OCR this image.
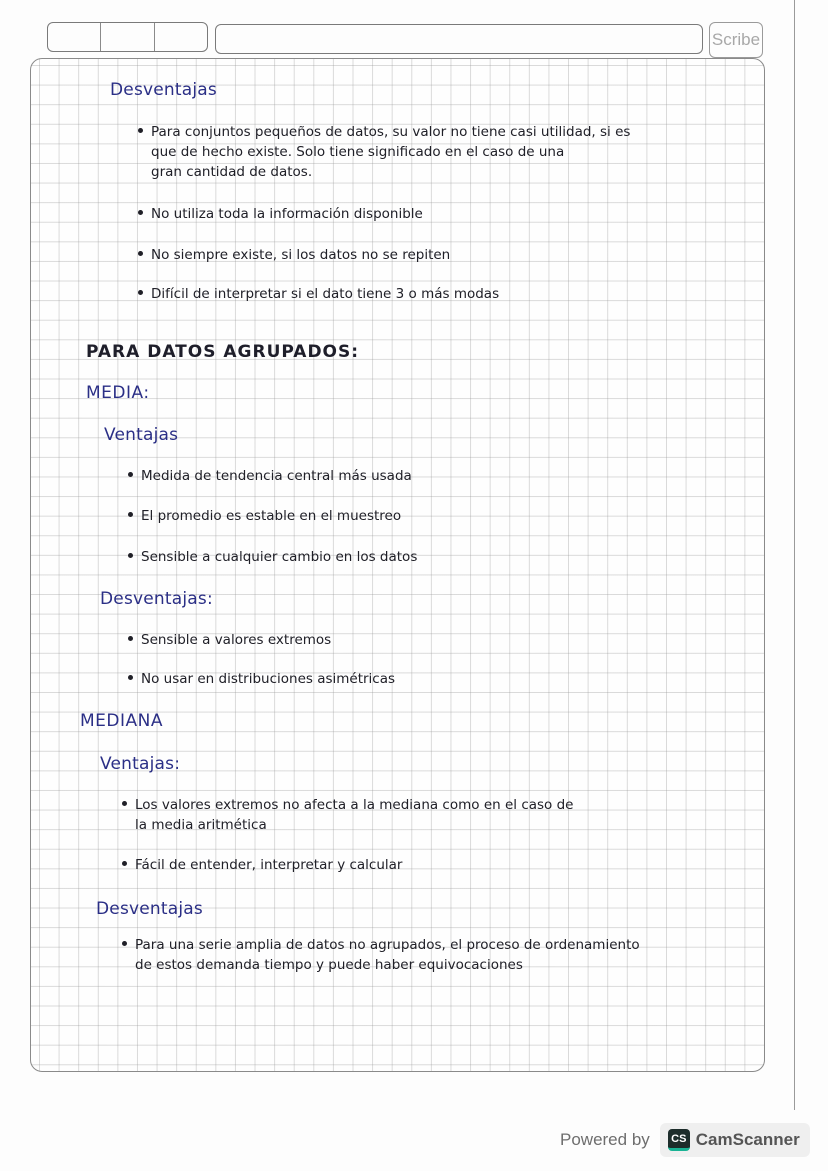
Scribe
Desventajas
Para conjuntos pequeños de datos, su valor no tiene casi utilidad, si es
que de hecho existe. Solo tiene significado en el caso de una
gran cantidad de datos.
No utiliza toda la información disponible
No siempre existe, si los datos no se repiten
Difícil de interpretar si el dato tiene 3 o más modas
PARA DATOS AGRUPADOS:
MEDIA:
Ventajas
Medida de tendencia central más usada
El promedio es estable en el muestreo
Sensible a cualquier cambio en los datos
Desventajas:
Sensible a valores extremos
No usar en distribuciones asimétricas
MEDIANA
Ventajas:
Los valores extremos no afecta a la mediana como en el caso de
la media aritmética
Fácil de entender, interpretar y calcular
Desventajas
Para una serie amplia de datos no agrupados, el proceso de ordenamiento
de estos demanda tiempo y puede haber equivocaciones
Powered by	CS CamScanner
